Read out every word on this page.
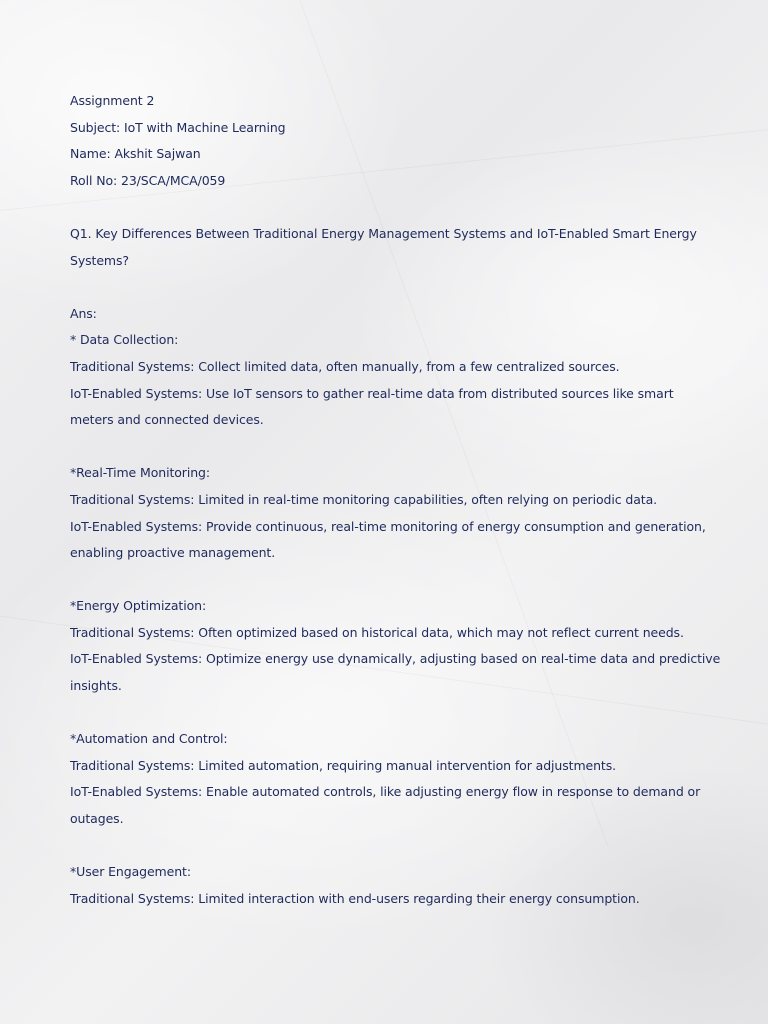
Assignment 2
Subject: IoT with Machine Learning
Name: Akshit Sajwan
Roll No: 23/SCA/MCA/059
Q1. Key Differences Between Traditional Energy Management Systems and IoT-Enabled Smart Energy
Systems?
Ans:
* Data Collection:
Traditional Systems: Collect limited data, often manually, from a few centralized sources.
IoT-Enabled Systems: Use IoT sensors to gather real-time data from distributed sources like smart
meters and connected devices.
*Real-Time Monitoring:
Traditional Systems: Limited in real-time monitoring capabilities, often relying on periodic data.
IoT-Enabled Systems: Provide continuous, real-time monitoring of energy consumption and generation,
enabling proactive management.
*Energy Optimization:
Traditional Systems: Often optimized based on historical data, which may not reflect current needs.
IoT-Enabled Systems: Optimize energy use dynamically, adjusting based on real-time data and predictive
insights.
*Automation and Control:
Traditional Systems: Limited automation, requiring manual intervention for adjustments.
IoT-Enabled Systems: Enable automated controls, like adjusting energy flow in response to demand or
outages.
*User Engagement:
Traditional Systems: Limited interaction with end-users regarding their energy consumption.
